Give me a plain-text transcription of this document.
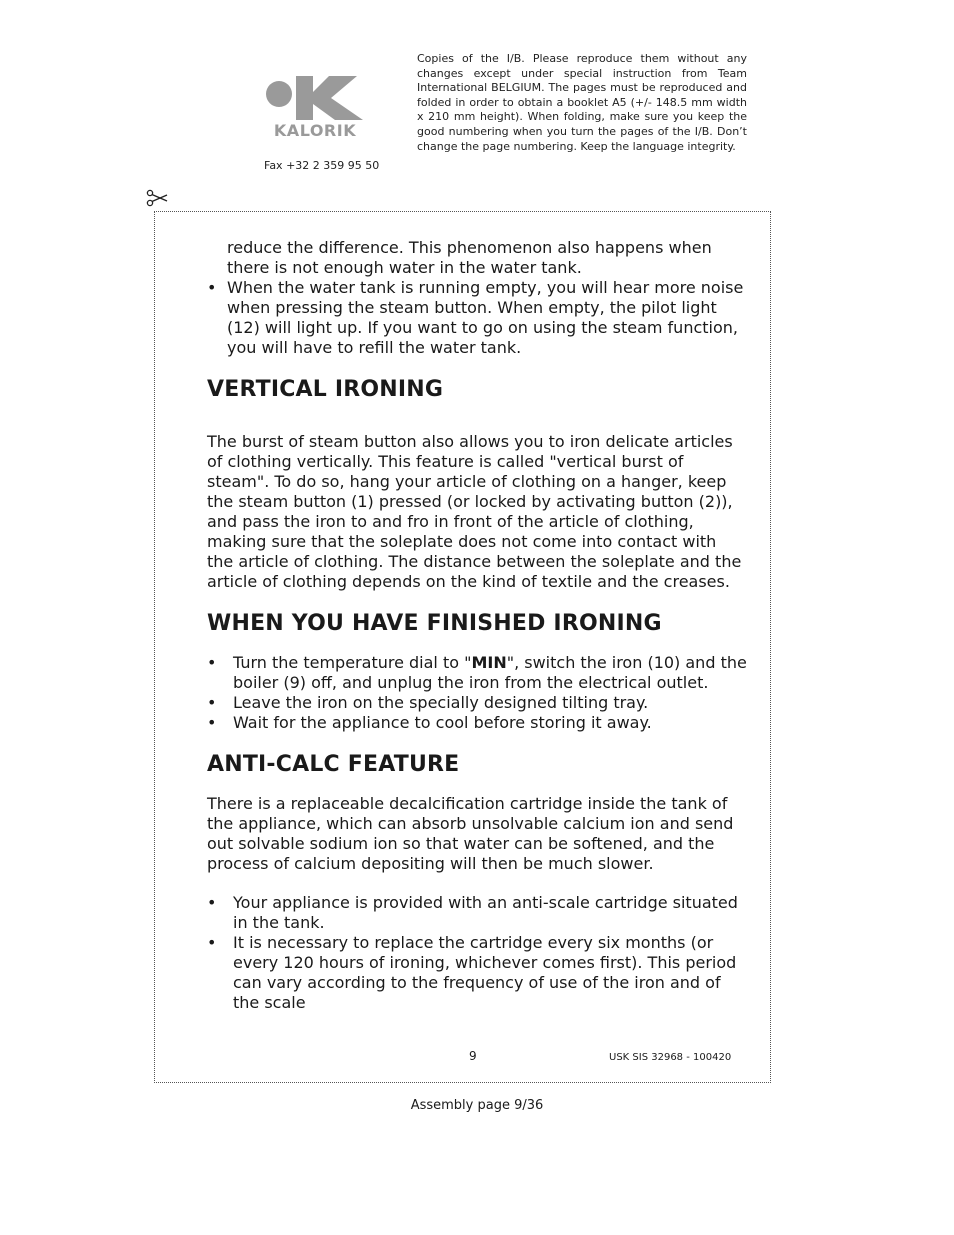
KALORIK
Fax +32 2 359 95 50
Copies of the I/B. Please reproduce them without any changes except under special instruction from Team International BELGIUM. The pages must be reproduced and folded in order to obtain a booklet A5 (+/- 148.5 mm width x 210 mm height). When folding, make sure you keep the good numbering when you turn the pages of the I/B. Don’t change the page numbering. Keep the language integrity.

reduce the difference. This phenomenon also happens when there is not enough water in the water tank.

• When the water tank is running empty, you will hear more noise when pressing the steam button. When empty, the pilot light (12) will light up. If you want to go on using the steam function, you will have to refill the water tank.
VERTICAL IRONING

The burst of steam button also allows you to iron delicate articles of clothing vertically. This feature is called "vertical burst of steam". To do so, hang your article of clothing on a hanger, keep the steam button (1) pressed (or locked by activating button (2)), and pass the iron to and fro in front of the article of clothing, making sure that the soleplate does not come into contact with the article of clothing. The distance between the soleplate and the article of clothing depends on the kind of textile and the creases.

WHEN YOU HAVE FINISHED IRONING
• Turn the temperature dial to "MIN", switch the iron (10) and the boiler (9) off, and unplug the iron from the electrical outlet.
• Leave the iron on the specially designed tilting tray.
• Wait for the appliance to cool before storing it away.
ANTI-CALC FEATURE

There is a replaceable decalcification cartridge inside the tank of the appliance, which can absorb unsolvable calcium ion and send out solvable sodium ion so that water can be softened, and the process of calcium depositing will then be much slower.

• Your appliance is provided with an anti-scale cartridge situated in the tank.
• It is necessary to replace the cartridge every six months (or every 120 hours of ironing, whichever comes first). This period can vary according to the frequency of use of the iron and of the scale
9	USK SIS 32968 - 100420
Assembly page 9/36
